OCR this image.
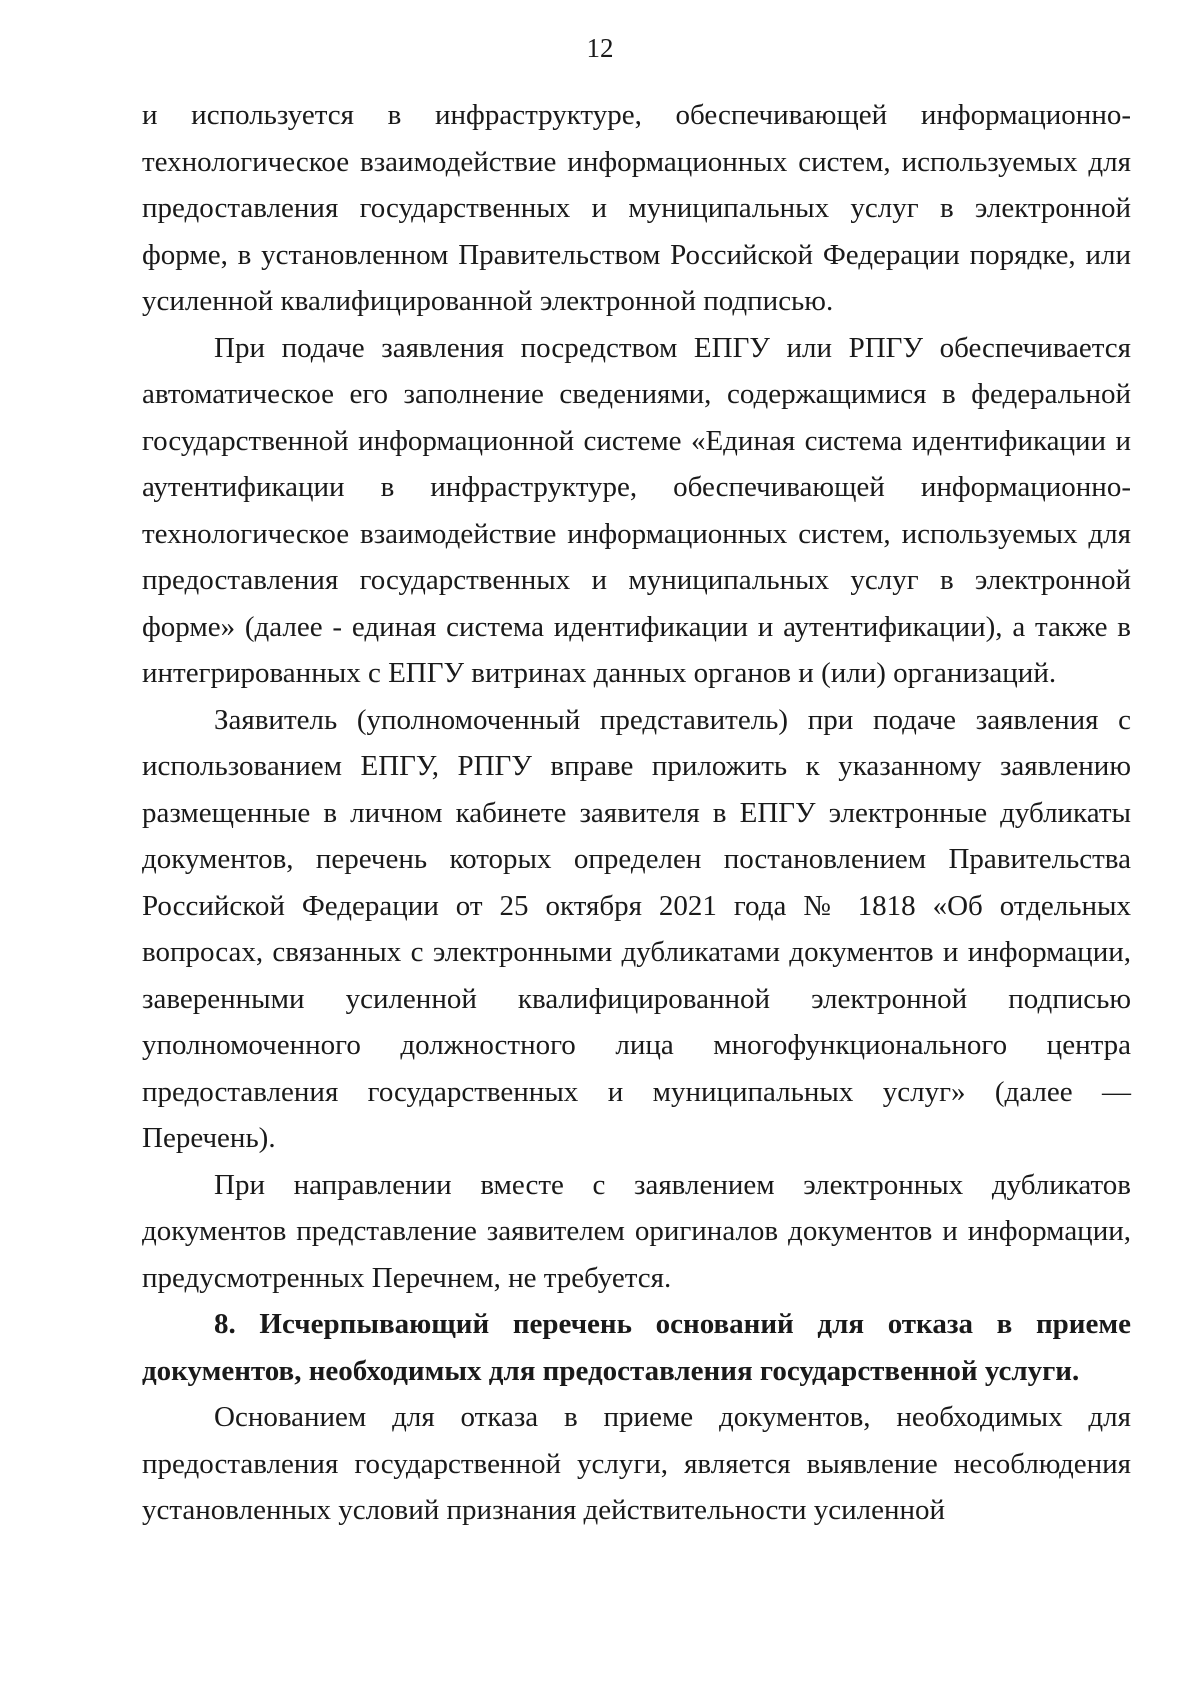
12

и используется в инфраструктуре, обеспечивающей информационно-технологическое взаимодействие информационных систем, используемых для предоставления государственных и муниципальных услуг в электронной форме, в установленном Правительством Российской Федерации порядке, или усиленной квалифицированной электронной подписью.

При подаче заявления посредством ЕПГУ или РПГУ обеспечивается автоматическое его заполнение сведениями, содержащимися в федеральной государственной информационной системе «Единая система идентификации и аутентификации в инфраструктуре, обеспечивающей информационно-технологическое взаимодействие информационных систем, используемых для предоставления государственных и муниципальных услуг в электронной форме» (далее - единая система идентификации и аутентификации), а также в интегрированных с ЕПГУ витринах данных органов и (или) организаций.

Заявитель (уполномоченный представитель) при подаче заявления с использованием ЕПГУ, РПГУ вправе приложить к указанному заявлению размещенные в личном кабинете заявителя в ЕПГУ электронные дубликаты документов, перечень которых определен постановлением Правительства Российской Федерации от 25 октября 2021 года № 1818 «Об отдельных вопросах, связанных с электронными дубликатами документов и информации, заверенными усиленной квалифицированной электронной подписью уполномоченного должностного лица многофункционального центра предоставления государственных и муниципальных услуг» (далее — Перечень).

При направлении вместе с заявлением электронных дубликатов документов представление заявителем оригиналов документов и информации, предусмотренных Перечнем, не требуется.

8. Исчерпывающий перечень оснований для отказа в приеме документов, необходимых для предоставления государственной услуги.

Основанием для отказа в приеме документов, необходимых для предоставления государственной услуги, является выявление несоблюдения установленных условий признания действительности усиленной
